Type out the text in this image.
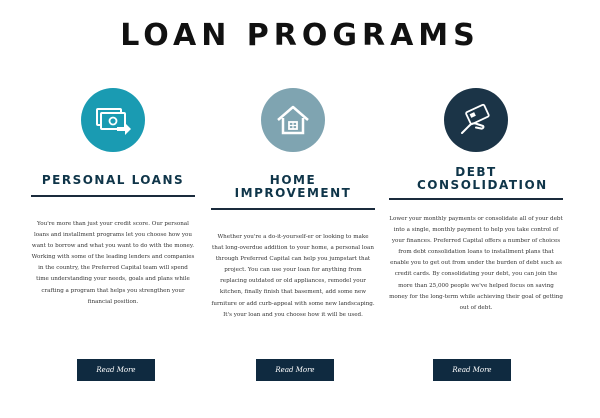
LOAN PROGRAMS
PERSONAL LOANS
You're more than just your credit score. Our personal loans and installment programs let you choose how you want to borrow and what you want to do with the money. Working with some of the leading lenders and companies in the country, the Preferred Capital team will spend time understanding your needs, goals and plans while crafting a program that helps you strengthen your financial position.
HOME IMPROVEMENT
Whether you're a do-it-yourself-er or looking to make that long-overdue addition to your home, a personal loan through Preferred Capital can help you jumpstart that project. You can use your loan for anything from replacing outdated or old appliances, remodel your kitchen, finally finish that basement, add some new furniture or add curb-appeal with some new landscaping. It's your loan and you choose how it will be used.
DEBT CONSOLIDATION
Lower your monthly payments or consolidate all of your debt into a single, monthly payment to help you take control of your finances. Preferred Capital offers a number of choices from debt consolidation loans to installment plans that enable you to get out from under the burden of debt such as credit cards. By consolidating your debt, you can join the more than 25,000 people we've helped focus on saving money for the long-term while achieving their goal of getting out of debt.
Read More	Read More	Read More
